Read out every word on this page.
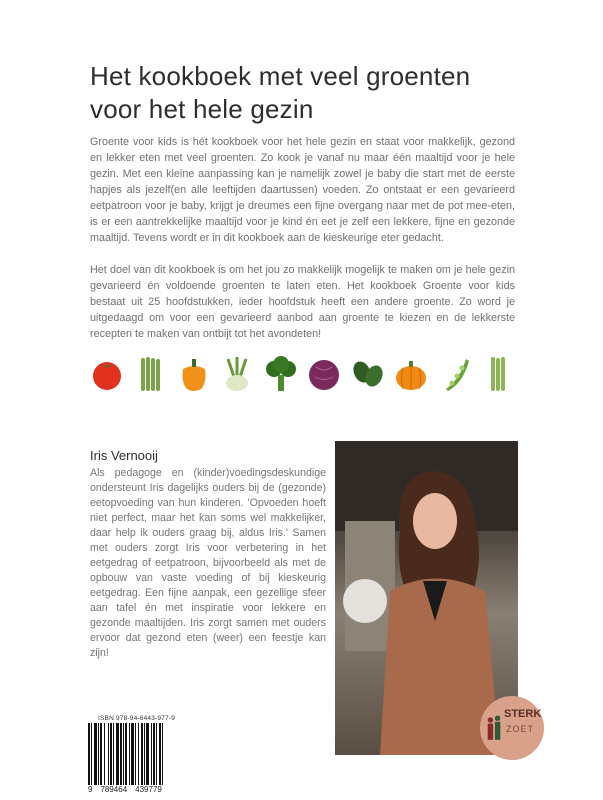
Het kookboek met veel groenten voor het hele gezin

Groente voor kids is hét kookboek voor het hele gezin en staat voor makkelijk, gezond en lekker eten met veel groenten. Zo kook je vanaf nu maar één maaltijd voor je hele gezin. Met een kleine aanpassing kan je namelijk zowel je baby die start met de eerste hapjes als jezelf(en alle leeftijden daartussen) voeden. Zo ontstaat er een gevarieerd eetpatroon voor je baby, krijgt je dreumes een fijne overgang naar met de pot mee-eten, is er een aantrekkelijke maaltijd voor je kind én eet je zelf een lekkere, fijne en gezonde maaltijd. Tevens wordt er in dit kookboek aan de kieskeurige eter gedacht.

Het doel van dit kookboek is om het jou zo makkelijk mogelijk te maken om je hele gezin gevarieerd én voldoende groenten te laten eten. Het kookboek Groente voor kids bestaat uit 25 hoofdstukken, ieder hoofdstuk heeft een andere groente. Zo word je uitgedaagd om voor een gevarieerd aanbod aan groente te kiezen en de lekkerste recepten te maken van ontbijt tot het avondeten!

Iris Vernooij

Als pedagoge en (kinder)voedingsdeskundige ondersteunt Iris dagelijks ouders bij de (gezonde) eetopvoeding van hun kinderen. 'Opvoeden hoeft niet perfect, maar het kan soms wel makkelijker, daar help ik ouders graag bij, aldus Iris.' Samen met ouders zorgt Iris voor verbetering in het eetgedrag of eetpatroon, bijvoorbeeld als met de opbouw van vaste voeding of bij kieskeurig eetgedrag. Een fijne aanpak, een gezellige sfeer aan tafel én met inspiratie voor lekkere en gezonde maaltijden. Iris zorgt samen met ouders ervoor dat gezond eten (weer) een feestje kan zijn!

ISBN 978-94-6443-977-9
9 789464 439779
STERK
ZOET
